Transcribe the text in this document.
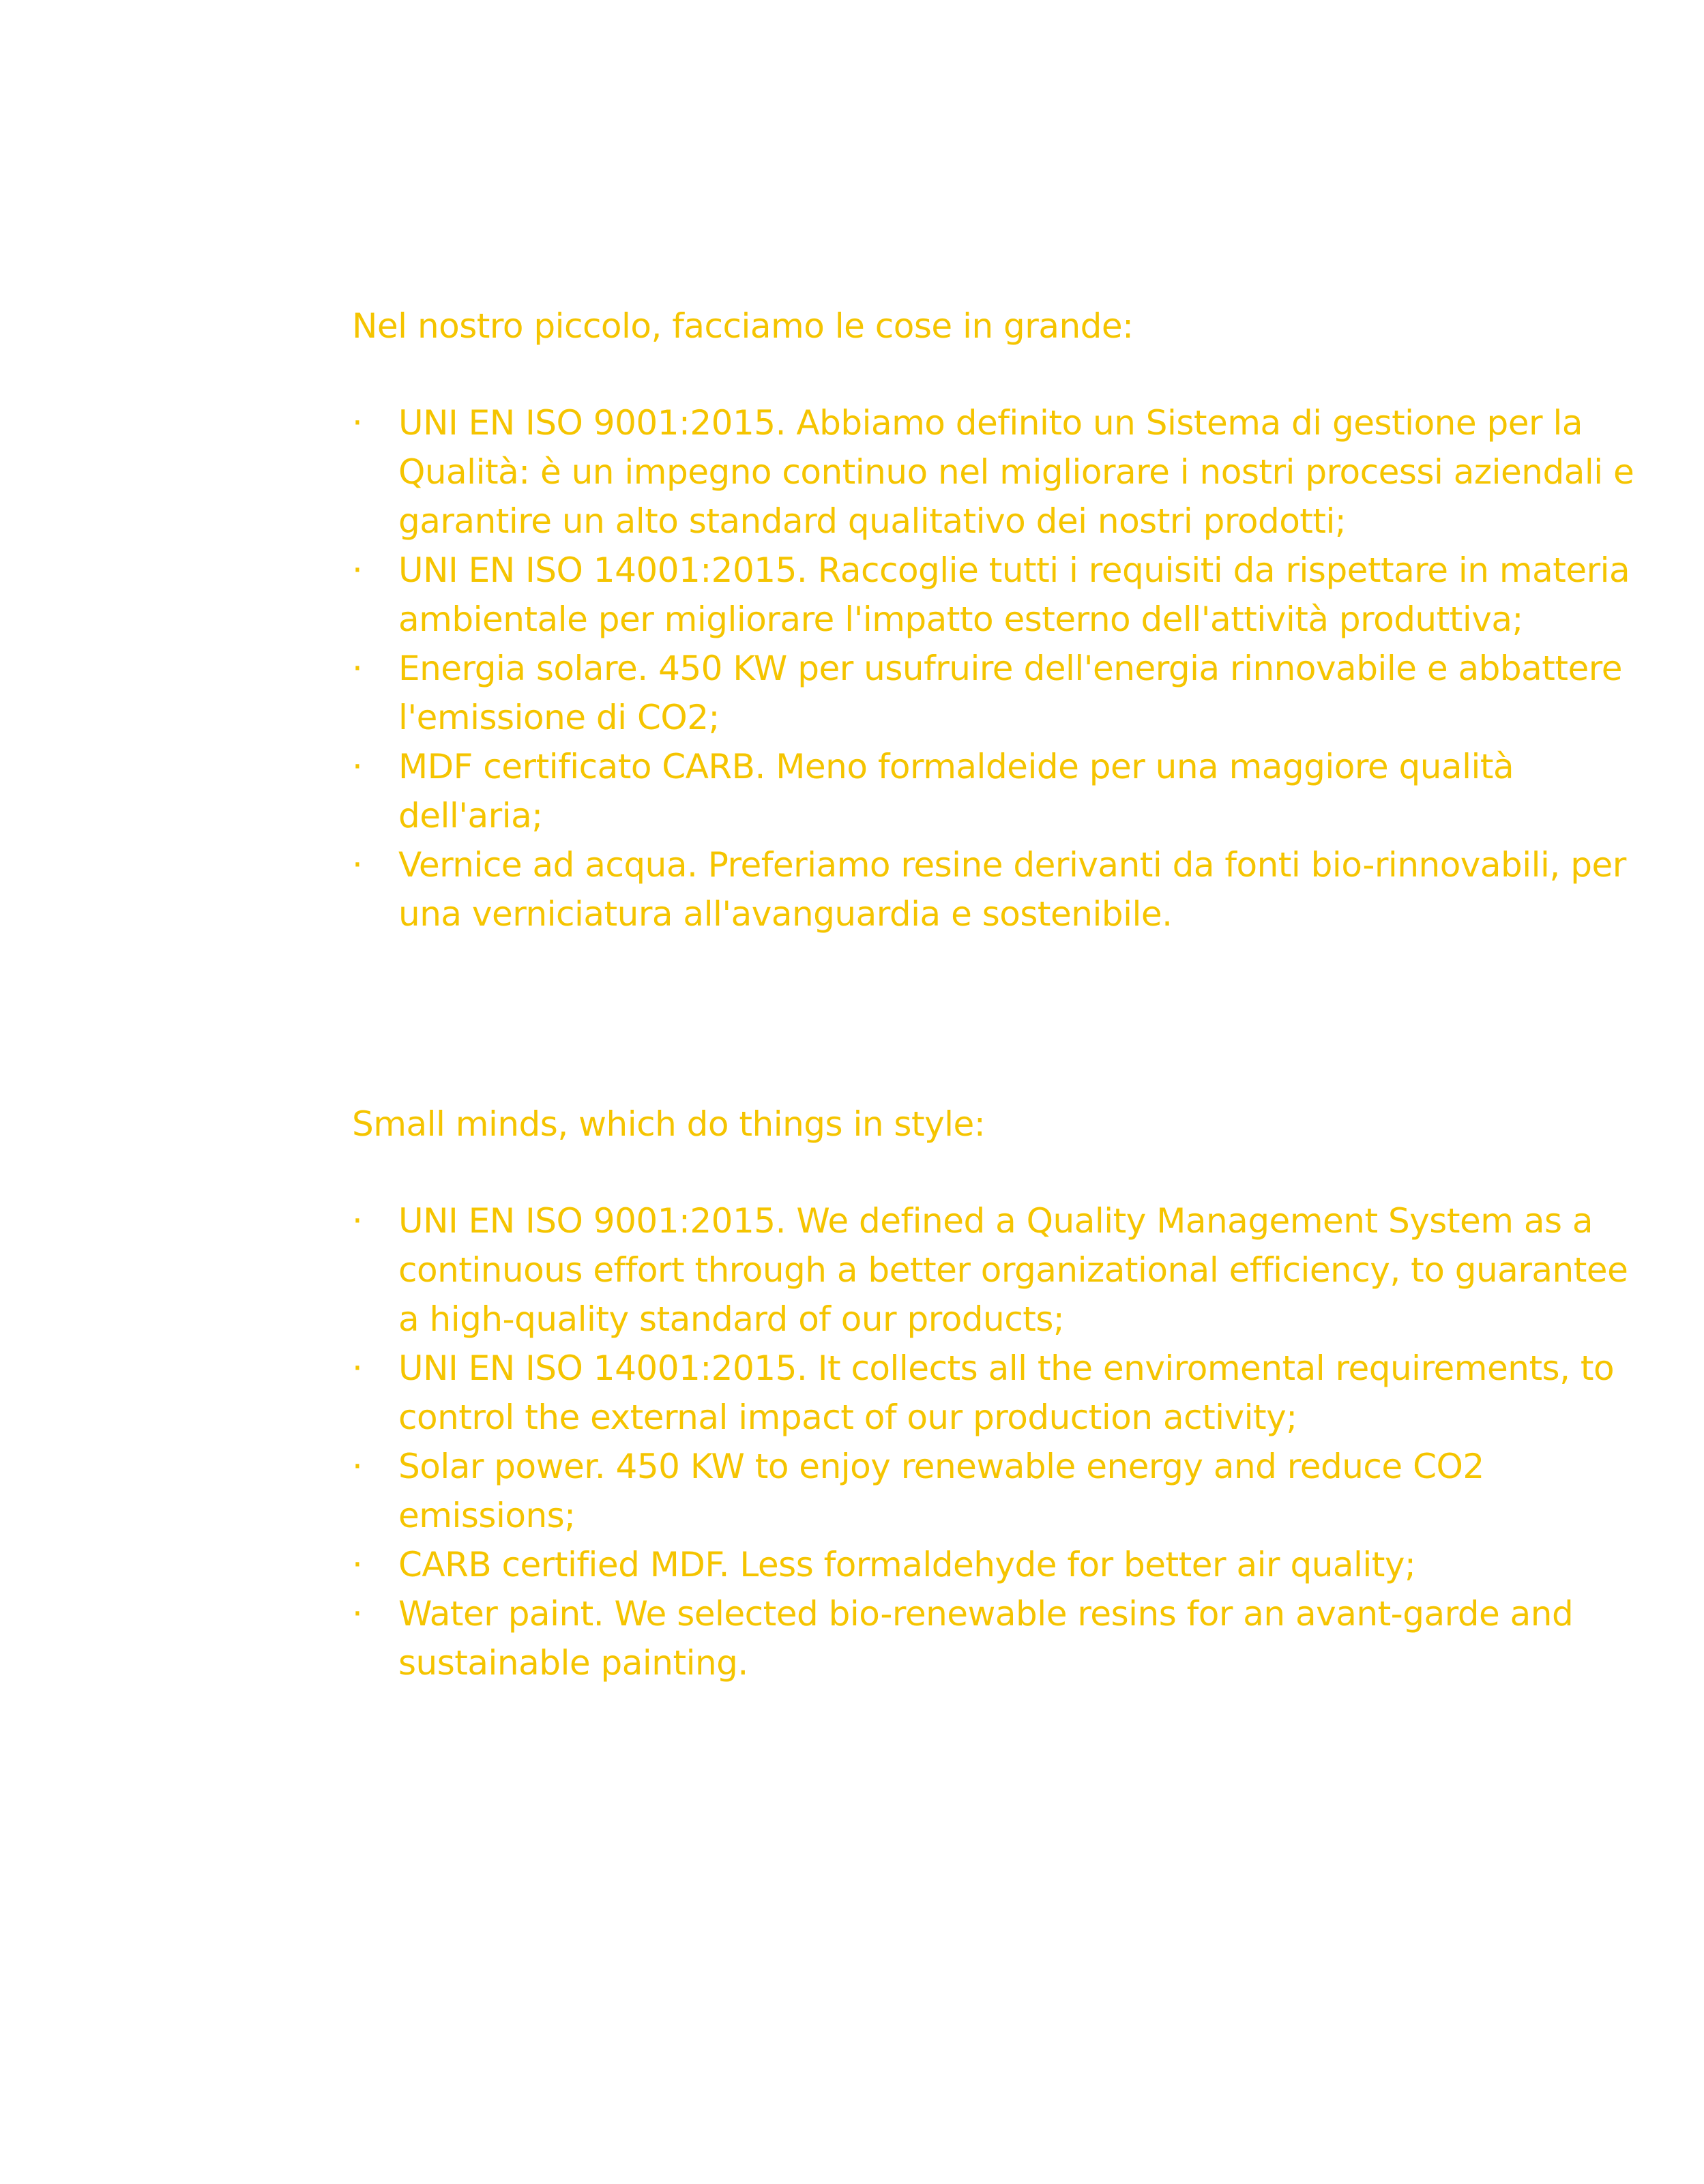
Nel nostro piccolo, facciamo le cose in grande:

· UNI EN ISO 9001:2015. Abbiamo definito un Sistema di gestione per la Qualità: è un impegno continuo nel migliorare i nostri processi aziendali e garantire un alto standard qualitativo dei nostri prodotti;
· UNI EN ISO 14001:2015. Raccoglie tutti i requisiti da rispettare in materia ambientale per migliorare l'impatto esterno dell'attività produttiva;
· Energia solare. 450 KW per usufruire dell'energia rinnovabile e abbattere l'emissione di CO2;
· MDF certificato CARB. Meno formaldeide per una maggiore qualità dell'aria;
· Vernice ad acqua. Preferiamo resine derivanti da fonti bio-rinnovabili, per una verniciatura all'avanguardia e sostenibile.

Small minds, which do things in style:

· UNI EN ISO 9001:2015. We defined a Quality Management System as a continuous effort through a better organizational efficiency, to guarantee a high-quality standard of our products;
· UNI EN ISO 14001:2015. It collects all the enviromental requirements, to control the external impact of our production activity;
· Solar power. 450 KW to enjoy renewable energy and reduce CO2 emissions;
· CARB certified MDF. Less formaldehyde for better air quality;
· Water paint. We selected bio-renewable resins for an avant-garde and sustainable painting.
